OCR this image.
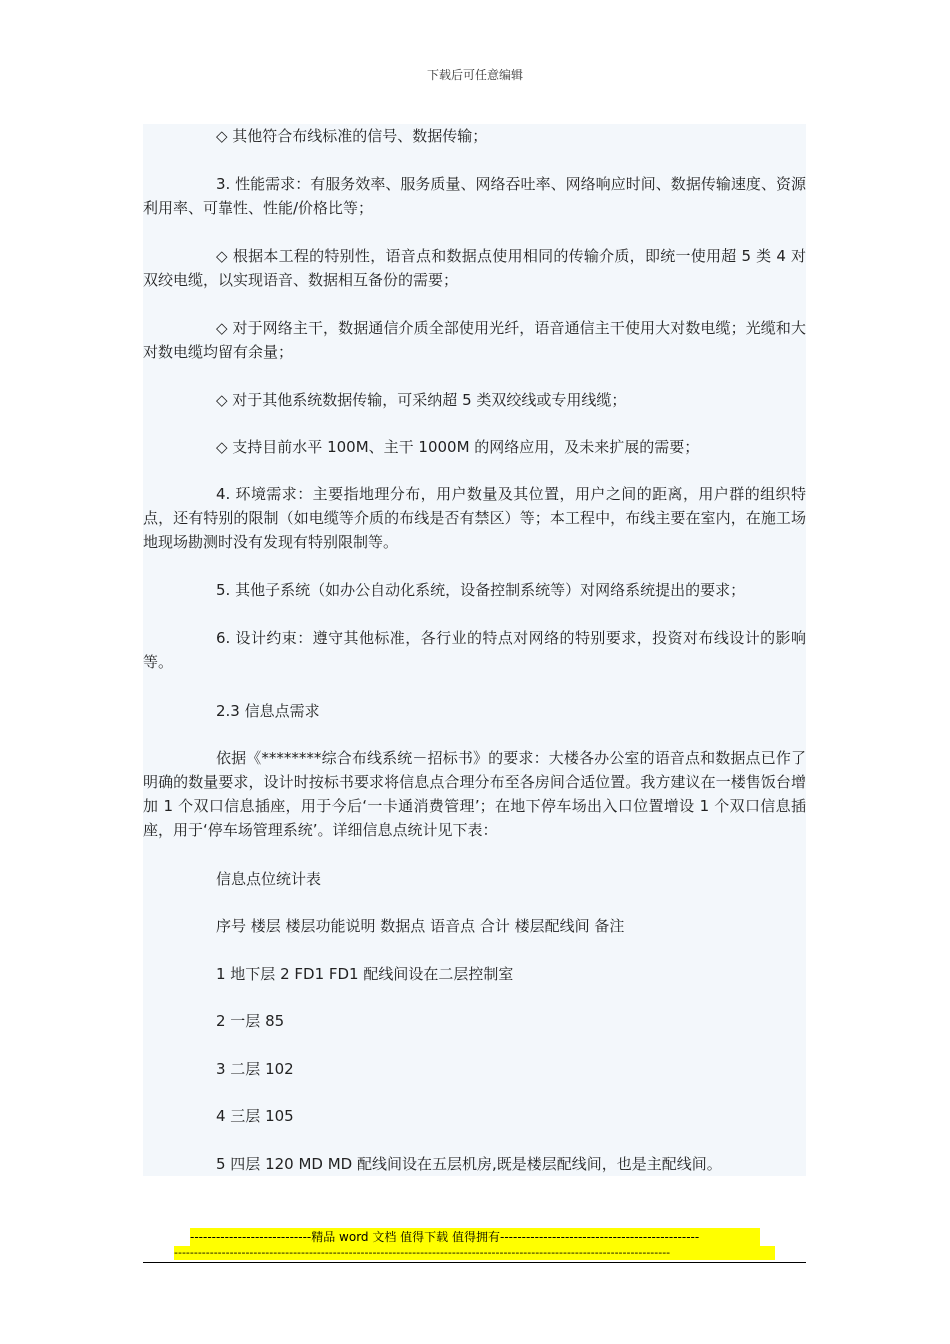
下载后可任意编辑

◇ 其他符合布线标准的信号、数据传输；

3. 性能需求：有服务效率、服务质量、网络吞吐率、网络响应时间、数据传输速度、资源利用率、可靠性、性能/价格比等；

◇ 根据本工程的特别性，语音点和数据点使用相同的传输介质，即统一使用超 5 类 4 对双绞电缆，以实现语音、数据相互备份的需要；

◇ 对于网络主干，数据通信介质全部使用光纤，语音通信主干使用大对数电缆；光缆和大对数电缆均留有余量；

◇ 对于其他系统数据传输，可采纳超 5 类双绞线或专用线缆；

◇ 支持目前水平 100M、主干 1000M 的网络应用，及未来扩展的需要；

4. 环境需求：主要指地理分布，用户数量及其位置，用户之间的距离，用户群的组织特点，还有特别的限制（如电缆等介质的布线是否有禁区）等；本工程中，布线主要在室内，在施工场地现场勘测时没有发现有特别限制等。

5. 其他子系统（如办公自动化系统，设备控制系统等）对网络系统提出的要求；

6. 设计约束：遵守其他标准，各行业的特点对网络的特别要求，投资对布线设计的影响等。

2.3 信息点需求

依据《********综合布线系统－招标书》的要求：大楼各办公室的语音点和数据点已作了明确的数量要求，设计时按标书要求将信息点合理分布至各房间合适位置。我方建议在一楼售饭台增加 1 个双口信息插座，用于今后‘一卡通消费管理’；在地下停车场出入口位置增设 1 个双口信息插座，用于‘停车场管理系统’。详细信息点统计见下表：

信息点位统计表

序号 楼层 楼层功能说明 数据点 语音点 合计 楼层配线间 备注

1 地下层 2 FD1 FD1 配线间设在二层控制室

2 一层 85

3 二层 102

4 三层 105

5 四层 120 MD MD 配线间设在五层机房,既是楼层配线间，也是主配线间。

----------------------------精品 word 文档 值得下载 值得拥有----------------------------------------------
-----------------------------------------------------------------------------------------------------------------------------
